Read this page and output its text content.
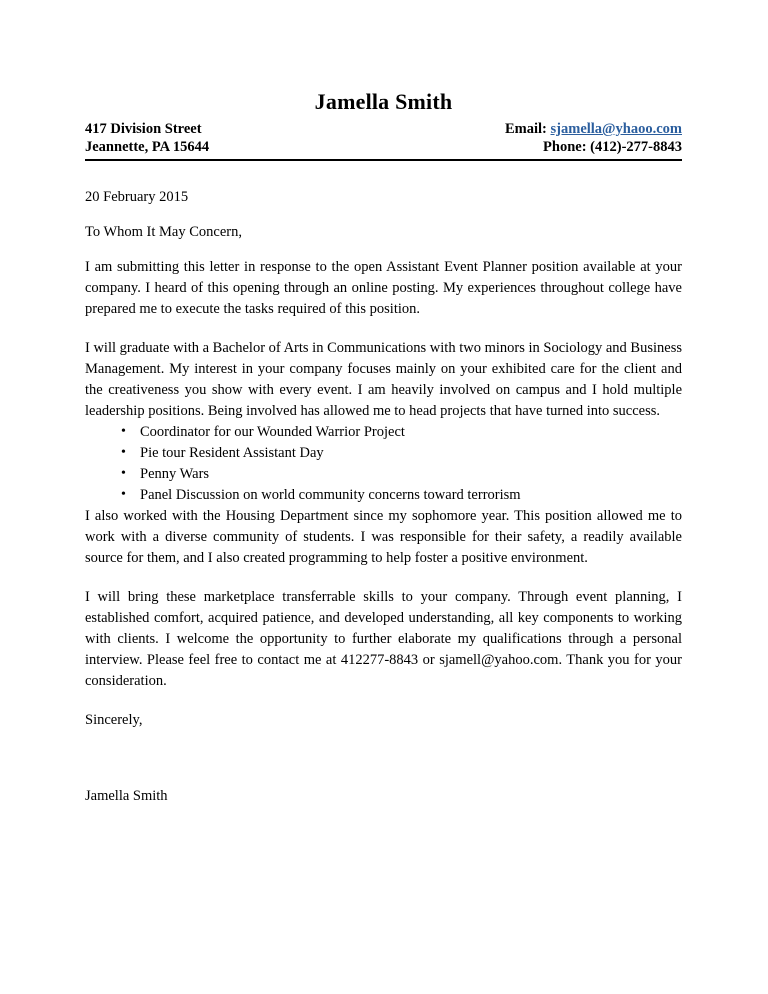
Jamella Smith
417 Division Street	Email: sjamella@yhaoo.com
Jeannette, PA 15644	Phone: (412)-277-8843
20 February 2015
To Whom It May Concern,

I am submitting this letter in response to the open Assistant Event Planner position available at your company. I heard of this opening through an online posting. My experiences throughout college have prepared me to execute the tasks required of this position.

I will graduate with a Bachelor of Arts in Communications with two minors in Sociology and Business Management. My interest in your company focuses mainly on your exhibited care for the client and the creativeness you show with every event. I am heavily involved on campus and I hold multiple leadership positions. Being involved has allowed me to head projects that have turned into success.

• Coordinator for our Wounded Warrior Project
• Pie tour Resident Assistant Day
• Penny Wars
• Panel Discussion on world community concerns toward terrorism

I also worked with the Housing Department since my sophomore year. This position allowed me to work with a diverse community of students. I was responsible for their safety, a readily available source for them, and I also created programming to help foster a positive environment.

I will bring these marketplace transferrable skills to your company. Through event planning, I established comfort, acquired patience, and developed understanding, all key components to working with clients. I welcome the opportunity to further elaborate my qualifications through a personal interview. Please feel free to contact me at 412277-8843 or sjamell@yahoo.com. Thank you for your consideration.

Sincerely,
Jamella Smith
